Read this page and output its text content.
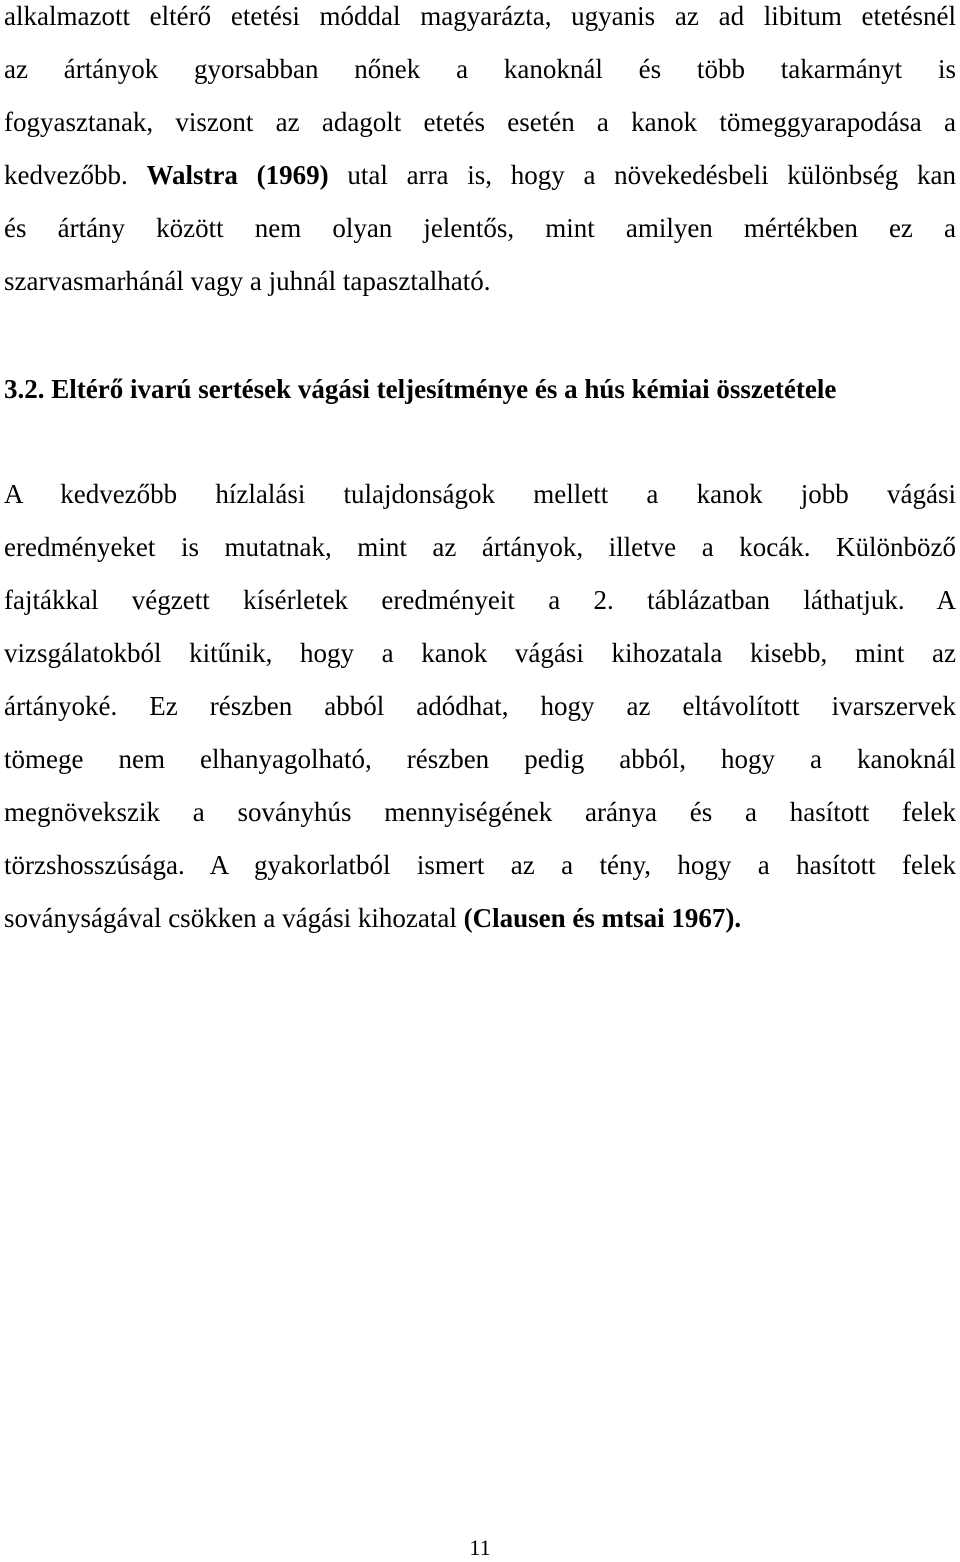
alkalmazott eltérő etetési móddal magyarázta, ugyanis az ad libitum etetésnél
az ártányok gyorsabban nőnek a kanoknál és több takarmányt is
fogyasztanak, viszont az adagolt etetés esetén a kanok tömeggyarapodása a
kedvezőbb. Walstra (1969) utal arra is, hogy a növekedésbeli különbség kan
és ártány között nem olyan jelentős, mint amilyen mértékben ez a
szarvasmarhánál vagy a juhnál tapasztalható.
3.2. Eltérő ivarú sertések vágási teljesítménye és a hús kémiai összetétele
A kedvezőbb hízlalási tulajdonságok mellett a kanok jobb vágási
eredményeket is mutatnak, mint az ártányok, illetve a kocák. Különböző
fajtákkal végzett kísérletek eredményeit a 2. táblázatban láthatjuk. A
vizsgálatokból kitűnik, hogy a kanok vágási kihozatala kisebb, mint az
ártányoké. Ez részben abból adódhat, hogy az eltávolított ivarszervek
tömege nem elhanyagolható, részben pedig abból, hogy a kanoknál
megnövekszik a soványhús mennyiségének aránya és a hasított felek
törzshosszúsága. A gyakorlatból ismert az a tény, hogy a hasított felek
soványságával csökken a vágási kihozatal (Clausen és mtsai 1967).
11
